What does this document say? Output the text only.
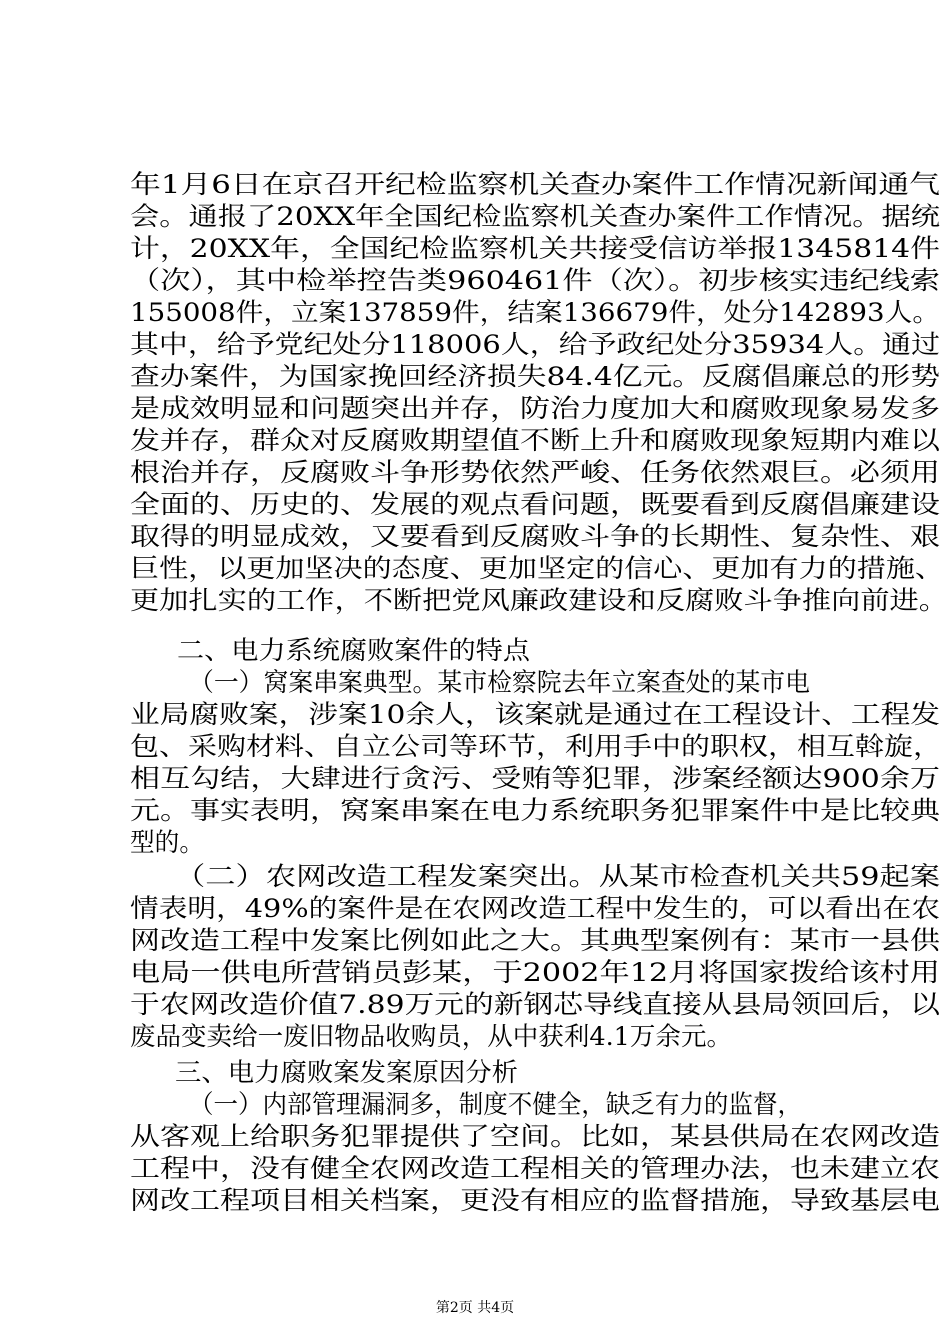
年1月6日在京召开纪检监察机关查办案件工作情况新闻通气
会。通报了20XX年全国纪检监察机关查办案件工作情况。据统
计，20XX年，全国纪检监察机关共接受信访举报1345814件
（次），其中检举控告类960461件（次）。初步核实违纪线索
155008件，立案137859件，结案136679件，处分142893人。
其中，给予党纪处分118006人，给予政纪处分35934人。通过
查办案件，为国家挽回经济损失84.4亿元。反腐倡廉总的形势
是成效明显和问题突出并存，防治力度加大和腐败现象易发多
发并存，群众对反腐败期望值不断上升和腐败现象短期内难以
根治并存，反腐败斗争形势依然严峻、任务依然艰巨。必须用
全面的、历史的、发展的观点看问题，既要看到反腐倡廉建设
取得的明显成效，又要看到反腐败斗争的长期性、复杂性、艰
巨性，以更加坚决的态度、更加坚定的信心、更加有力的措施、
更加扎实的工作，不断把党风廉政建设和反腐败斗争推向前进。
二、电力系统腐败案件的特点
（一）窝案串案典型。某市检察院去年立案查处的某市电
业局腐败案，涉案10余人，该案就是通过在工程设计、工程发
包、采购材料、自立公司等环节，利用手中的职权，相互斡旋，
相互勾结，大肆进行贪污、受贿等犯罪，涉案经额达900余万
元。事实表明，窝案串案在电力系统职务犯罪案件中是比较典
型的。
（二）农网改造工程发案突出。从某市检查机关共59起案
情表明，49%的案件是在农网改造工程中发生的，可以看出在农
网改造工程中发案比例如此之大。其典型案例有：某市一县供
电局一供电所营销员彭某，于2002年12月将国家拨给该村用
于农网改造价值7.89万元的新钢芯导线直接从县局领回后，以
废品变卖给一废旧物品收购员，从中获利4.1万余元。
三、电力腐败案发案原因分析
（一）内部管理漏洞多，制度不健全，缺乏有力的监督，
从客观上给职务犯罪提供了空间。比如，某县供局在农网改造
工程中，没有健全农网改造工程相关的管理办法，也未建立农
网改工程项目相关档案，更没有相应的监督措施，导致基层电
第2页 共4页
